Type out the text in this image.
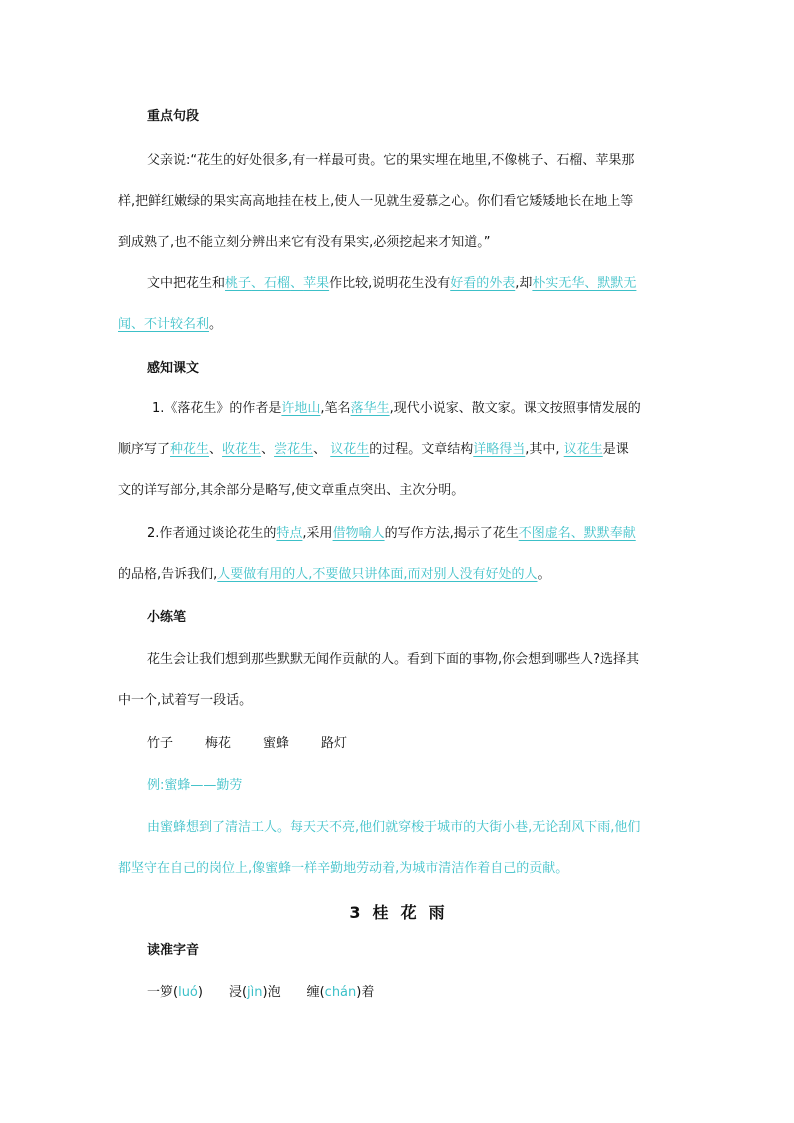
重点句段
父亲说:“花生的好处很多,有一样最可贵。它的果实埋在地里,不像桃子、石榴、苹果那
样,把鲜红嫩绿的果实高高地挂在枝上,使人一见就生爱慕之心。你们看它矮矮地长在地上等
到成熟了,也不能立刻分辨出来它有没有果实,必须挖起来才知道。”
文中把花生和桃子、石榴、苹果作比较,说明花生没有好看的外表,却朴实无华、默默无
闻、不计较名利。
感知课文
1.《落花生》的作者是许地山,笔名落华生,现代小说家、散文家。课文按照事情发展的
顺序写了种花生、收花生、尝花生、 议花生的过程。文章结构详略得当,其中, 议花生是课
文的详写部分,其余部分是略写,使文章重点突出、主次分明。
2.作者通过谈论花生的特点,采用借物喻人的写作方法,揭示了花生不图虚名、默默奉献
的品格,告诉我们,人要做有用的人,不要做只讲体面,而对别人没有好处的人。
小练笔
花生会让我们想到那些默默无闻作贡献的人。看到下面的事物,你会想到哪些人?选择其
中一个,试着写一段话。
竹子 梅花 蜜蜂 路灯
例:蜜蜂——勤劳
由蜜蜂想到了清洁工人。每天天不亮,他们就穿梭于城市的大街小巷,无论刮风下雨,他们
都坚守在自己的岗位上,像蜜蜂一样辛勤地劳动着,为城市清洁作着自己的贡献。
3 桂 花 雨
读准字音
一箩(luó) 浸(jìn)泡 缠(chán)着
